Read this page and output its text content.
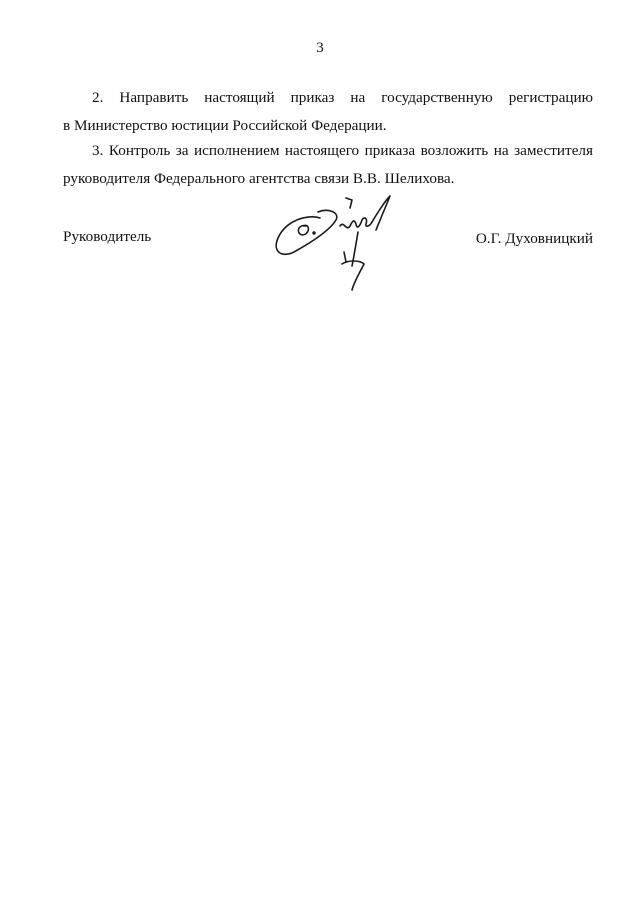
3

2. Направить настоящий приказ на государственную регистрацию
в Министерство юстиции Российской Федерации.

3. Контроль за исполнением настоящего приказа возложить на заместителя
руководителя Федерального агентства связи В.В. Шелихова.

Руководитель	О.Г. Духовницкий
